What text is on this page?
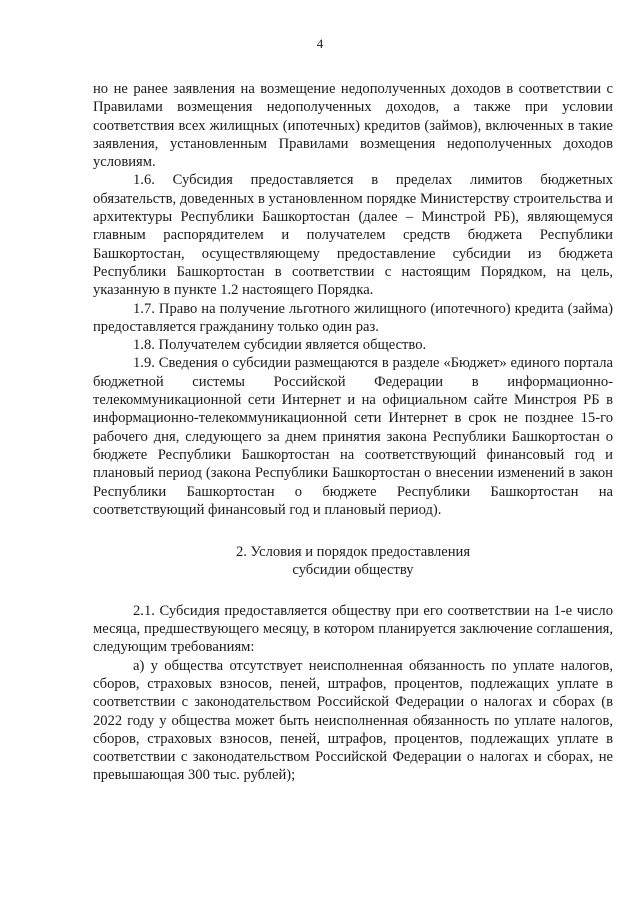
4

но не ранее заявления на возмещение недополученных доходов в соответствии с Правилами возмещения недополученных доходов, а также при условии соответствия всех жилищных (ипотечных) кредитов (займов), включенных в такие заявления, установленным Правилами возмещения недополученных доходов условиям.

1.6. Субсидия предоставляется в пределах лимитов бюджетных обязательств, доведенных в установленном порядке Министерству строительства и архитектуры Республики Башкортостан (далее – Минстрой РБ), являющемуся главным распорядителем и получателем средств бюджета Республики Башкортостан, осуществляющему предоставление субсидии из бюджета Республики Башкортостан в соответствии с настоящим Порядком, на цель, указанную в пункте 1.2 настоящего Порядка.

1.7. Право на получение льготного жилищного (ипотечного) кредита (займа) предоставляется гражданину только один раз.

1.8. Получателем субсидии является общество.

1.9. Сведения о субсидии размещаются в разделе «Бюджет» единого портала бюджетной системы Российской Федерации в информационно-телекоммуникационной сети Интернет и на официальном сайте Минстроя РБ в информационно-телекоммуникационной сети Интернет в срок не позднее 15-го рабочего дня, следующего за днем принятия закона Республики Башкортостан о бюджете Республики Башкортостан на соответствующий финансовый год и плановый период (закона Республики Башкортостан о внесении изменений в закон Республики Башкортостан о бюджете Республики Башкортостан на соответствующий финансовый год и плановый период).

2. Условия и порядок предоставления
субсидии обществу

2.1. Субсидия предоставляется обществу при его соответствии на 1-е число месяца, предшествующего месяцу, в котором планируется заключение соглашения, следующим требованиям:

а) у общества отсутствует неисполненная обязанность по уплате налогов, сборов, страховых взносов, пеней, штрафов, процентов, подлежащих уплате в соответствии с законодательством Российской Федерации о налогах и сборах (в 2022 году у общества может быть неисполненная обязанность по уплате налогов, сборов, страховых взносов, пеней, штрафов, процентов, подлежащих уплате в соответствии с законодательством Российской Федерации о налогах и сборах, не превышающая 300 тыс. рублей);
